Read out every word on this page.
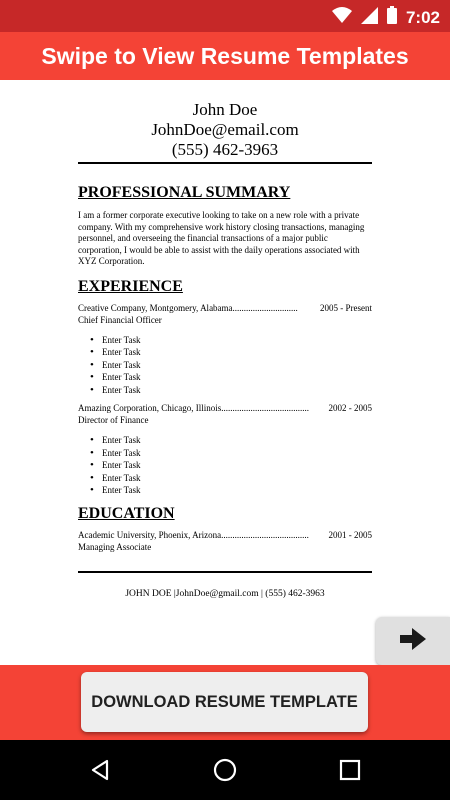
7:02
Swipe to View Resume Templates
John Doe
JohnDoe@email.com
(555) 462-3963
PROFESSIONAL SUMMARY
I am a former corporate executive looking to take on a new role with a private company. With my comprehensive work history closing transactions, managing personnel, and overseeing the financial transactions of a major public corporation, I would be able to assist with the daily operations associated with XYZ Corporation.
EXPERIENCE
Creative Company, Montgomery, Alabama............................. 2005 - Present
Chief Financial Officer
• Enter Task
• Enter Task
• Enter Task
• Enter Task
• Enter Task
Amazing Corporation, Chicago, Illinois....................................... 2002 - 2005
Director of Finance
• Enter Task
• Enter Task
• Enter Task
• Enter Task
• Enter Task
EDUCATION
Academic University, Phoenix, Arizona....................................... 2001 - 2005
Managing Associate
JOHN DOE |JohnDoe@gmail.com | (555) 462-3963
DOWNLOAD RESUME TEMPLATE
